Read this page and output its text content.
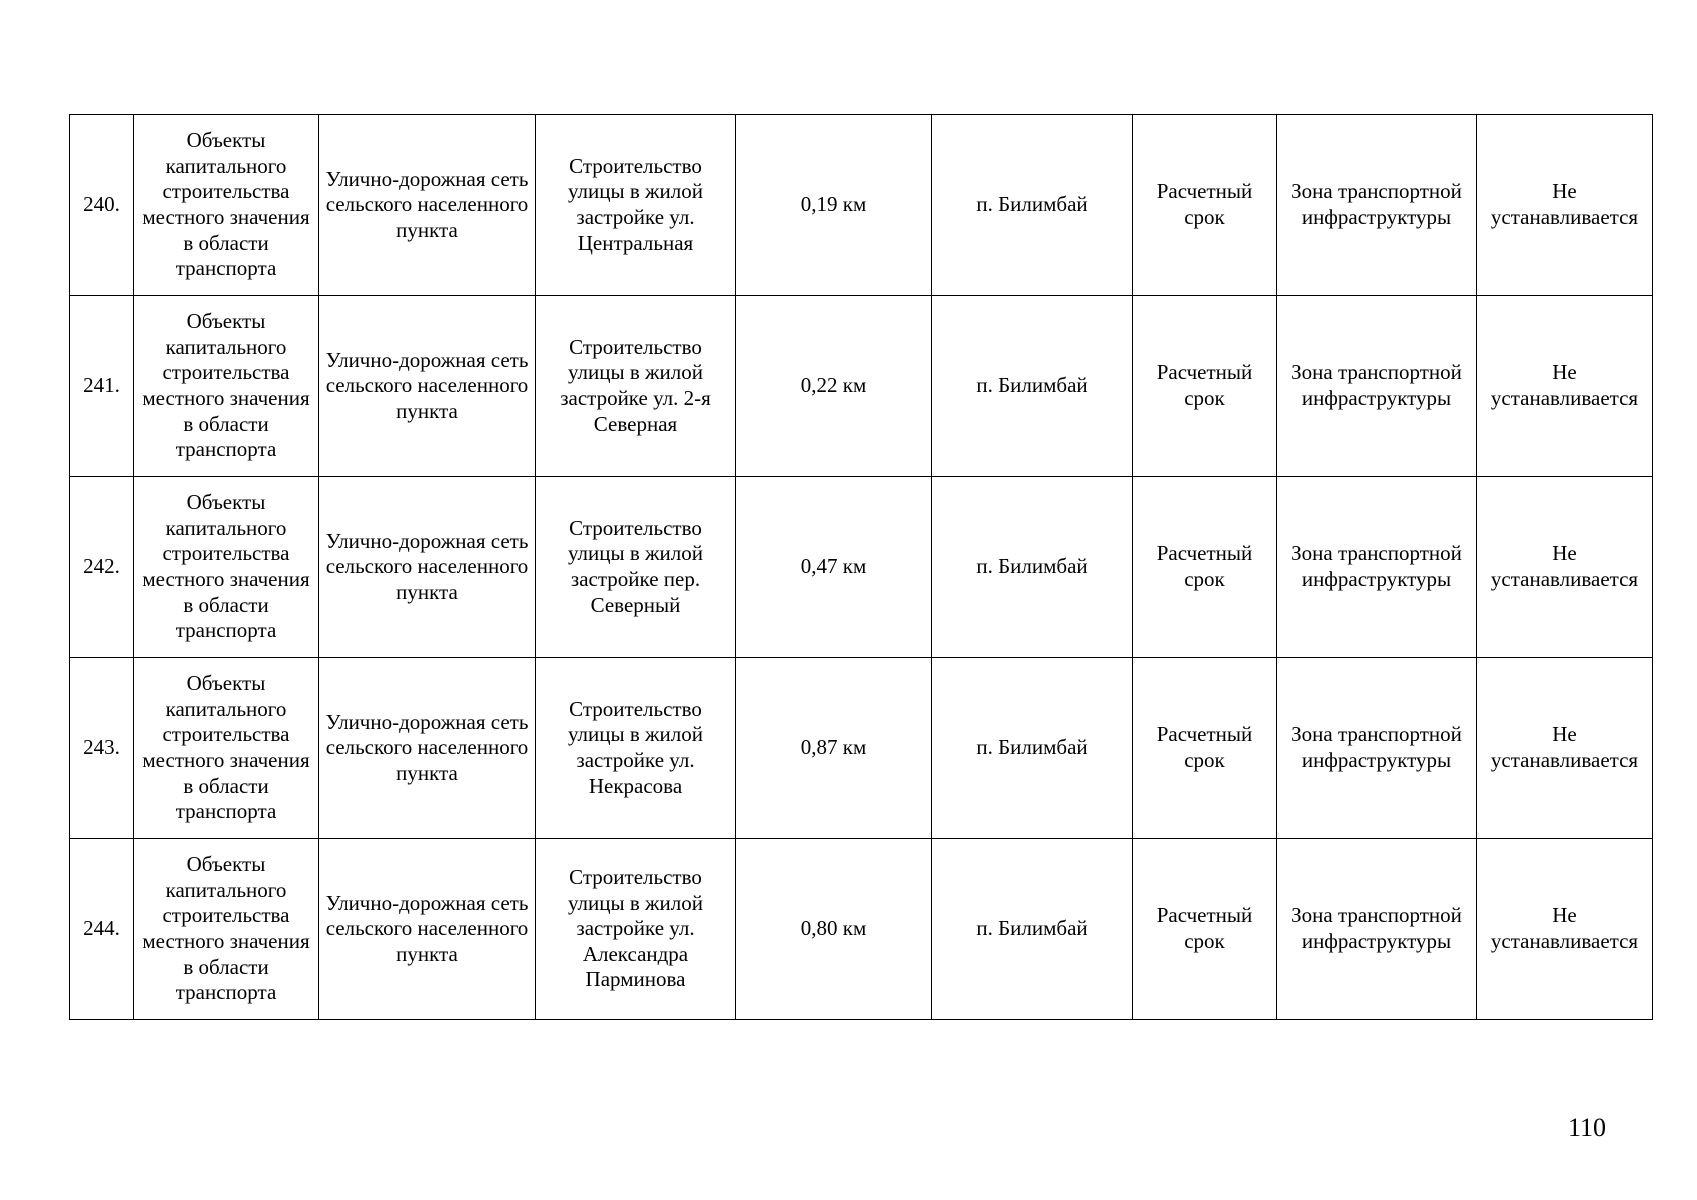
240.	Объекты капитального строительства местного значения в области транспорта	Улично-дорожная сеть сельского населенного пункта	Строительство улицы в жилой застройке ул. Центральная	0,19 км	п. Билимбай	Расчетный срок	Зона транспортной инфраструктуры	Не устанавливается
241.	Объекты капитального строительства местного значения в области транспорта	Улично-дорожная сеть сельского населенного пункта	Строительство улицы в жилой застройке ул. 2-я Северная	0,22 км	п. Билимбай	Расчетный срок	Зона транспортной инфраструктуры	Не устанавливается
242.	Объекты капитального строительства местного значения в области транспорта	Улично-дорожная сеть сельского населенного пункта	Строительство улицы в жилой застройке пер. Северный	0,47 км	п. Билимбай	Расчетный срок	Зона транспортной инфраструктуры	Не устанавливается
243.	Объекты капитального строительства местного значения в области транспорта	Улично-дорожная сеть сельского населенного пункта	Строительство улицы в жилой застройке ул. Некрасова	0,87 км	п. Билимбай	Расчетный срок	Зона транспортной инфраструктуры	Не устанавливается
244.	Объекты капитального строительства местного значения в области транспорта	Улично-дорожная сеть сельского населенного пункта	Строительство улицы в жилой застройке ул. Александра Парминова	0,80 км	п. Билимбай	Расчетный срок	Зона транспортной инфраструктуры	Не устанавливается
110
